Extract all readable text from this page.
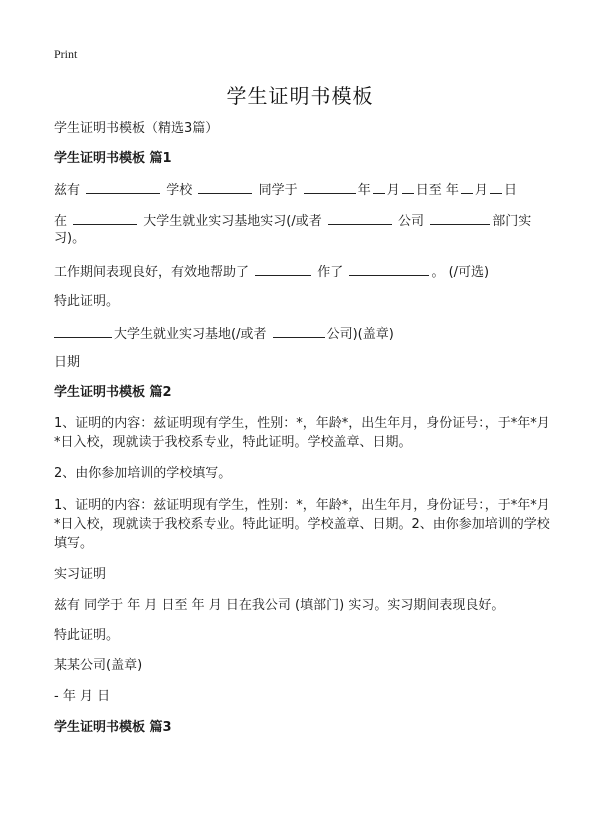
Print
学生证明书模板
学生证明书模板（精选3篇）
学生证明书模板 篇1
兹有	学校	同学于	年 月 日至 年 月 日
在	大学生就业实习基地实习(/或者	公司	部门实
习)。
工作期间表现良好，有效地帮助了	作了	。 (/可选)
特此证明。
大学生就业实习基地(/或者	公司)(盖章)
日期
学生证明书模板 篇2
1、证明的内容：兹证明现有学生，性别：*，年龄*，出生年月，身份证号：，于*年*月*日入校，现就读于我校系专业，特此证明。学校盖章、日期。
2、由你参加培训的学校填写。
1、证明的内容：兹证明现有学生，性别：*，年龄*，出生年月，身份证号：，于*年*月*日入校，现就读于我校系专业。特此证明。学校盖章、日期。2、由你参加培训的学校填写。
实习证明
兹有 同学于 年 月 日至 年 月 日在我公司 (填部门) 实习。实习期间表现良好。
特此证明。
某某公司(盖章)
- 年 月 日
学生证明书模板 篇3
